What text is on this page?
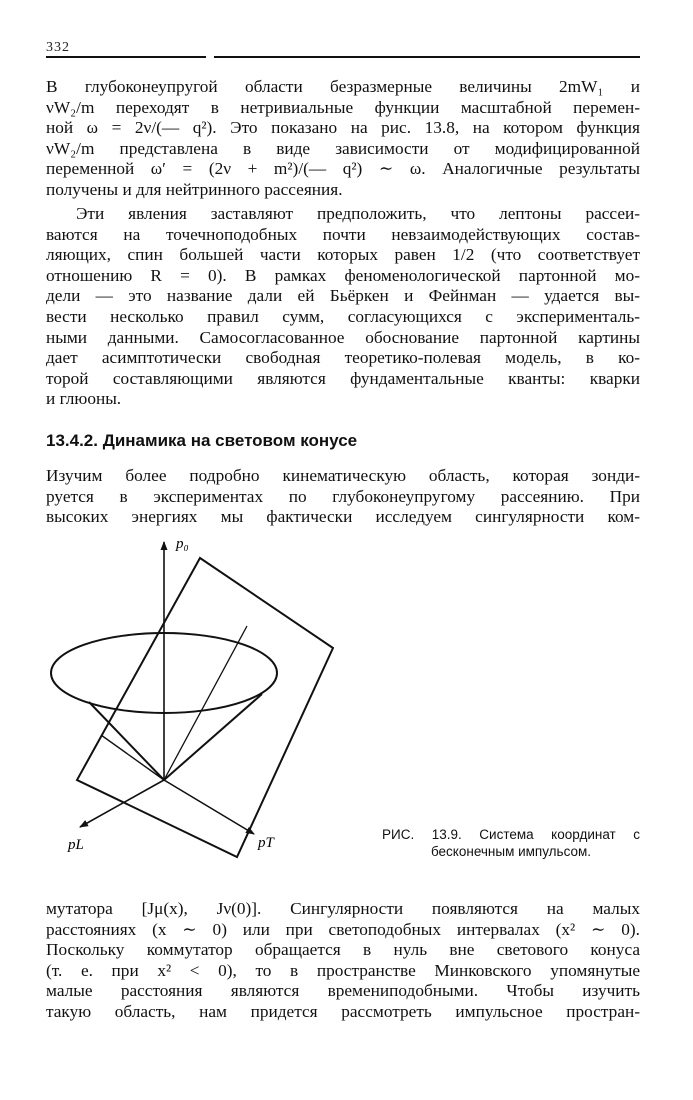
332

В глубоконеупругой области безразмерные величины 2mW₁ и
νW₂/m переходят в нетривиальные функции масштабной перемен-
ной ω = 2ν/(— q²). Это показано на рис. 13.8, на котором функция
νW₂/m представлена в виде зависимости от модифицированной
переменной ω′ = (2ν + m²)/(— q²) ∼ ω. Аналогичные результаты
получены и для нейтринного рассеяния.

Эти явления заставляют предположить, что лептоны рассеи-
ваются на точечноподобных почти невзаимодействующих состав-
ляющих, спин большей части которых равен 1/2 (что соответствует
отношению R = 0). В рамках феноменологической партонной мо-
дели — это название дали ей Бьёркен и Фейнман — удается вы-
вести несколько правил сумм, согласующихся с эксперименталь-
ными данными. Самосогласованное обоснование партонной картины
дает асимптотически свободная теоретико-полевая модель, в ко-
торой составляющими являются фундаментальные кванты: кварки
и глюоны.

13.4.2. Динамика на световом конусе

Изучим более подробно кинематическую область, которая зонди-
руется в экспериментах по глубоконеупругому рассеянию. При
высоких энергиях мы фактически исследуем сингулярности ком-

p₀
pL	pT

РИС. 13.9. Система координат с
бесконечным импульсом.

мутатора [Jμ(x), Jν(0)]. Сингулярности появляются на малых
расстояниях (x ∼ 0) или при светоподобных интервалах (x² ∼ 0).
Поскольку коммутатор обращается в нуль вне светового конуса
(т. е. при x² < 0), то в пространстве Минковского упомянутые
малые расстояния являются времениподобными. Чтобы изучить
такую область, нам придется рассмотреть импульсное простран-
